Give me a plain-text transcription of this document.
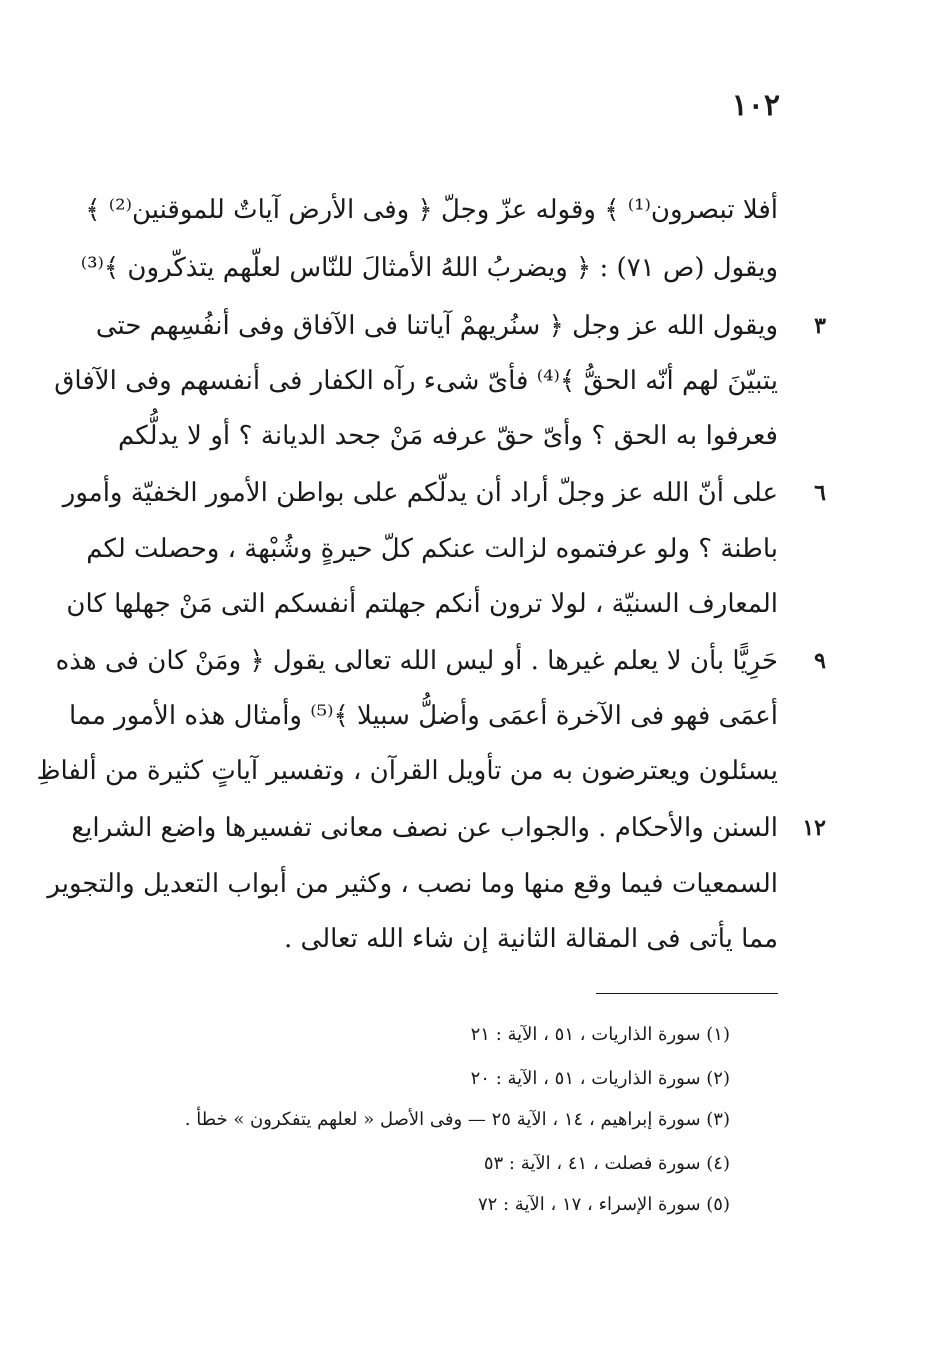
١٠٢
أفلا تبصرون⁽¹⁾ ﴾ وقوله عزّ وجلّ ﴿ وفى الأرض آياتٌ للموقنين⁽²⁾ ﴾
ويقول (ص ٧١) : ﴿ ويضربُ اللهُ الأمثالَ للنّاس لعلّهم يتذكّرون ﴾⁽³⁾
٣
ويقول الله عز وجل ﴿ سنُريهمْ آياتنا فى الآفاق وفى أنفُسِهم حتى
يتبيّنَ لهم أنّه الحقُّ ﴾⁽⁴⁾ فأىّ شىء رآه الكفار فى أنفسهم وفى الآفاق
فعرفوا به الحق ؟ وأىّ حقّ عرفه مَنْ جحد الديانة ؟ أو لا يدلُّكم
٦
على أنّ الله عز وجلّ أراد أن يدلّكم على بواطن الأمور الخفيّة وأمور
باطنة ؟ ولو عرفتموه لزالت عنكم كلّ حيرةٍ وشُبْهة ، وحصلت لكم
المعارف السنيّة ، لولا ترون أنكم جهلتم أنفسكم التى مَنْ جهلها كان
٩
حَرِيًّا بأن لا يعلم غيرها . أو ليس الله تعالى يقول ﴿ ومَنْ كان فى هذه
أعمَى فهو فى الآخرة أعمَى وأضلُّ سبيلا ﴾⁽⁵⁾ وأمثال هذه الأمور مما
يسئلون ويعترضون به من تأويل القرآن ، وتفسير آياتٍ كثيرة من ألفاظِ
١٢
السنن والأحكام . والجواب عن نصف معانى تفسيرها واضع الشرايع
السمعيات فيما وقع منها وما نصب ، وكثير من أبواب التعديل والتجوير
مما يأتى فى المقالة الثانية إن شاء الله تعالى .
(١) سورة الذاريات ، ٥١ ، الآية : ٢١
(٢) سورة الذاريات ، ٥١ ، الآية : ٢٠
(٣) سورة إبراهيم ، ١٤ ، الآية ٢٥ — وفى الأصل « لعلهم يتفكرون » خطأ .
(٤) سورة فصلت ، ٤١ ، الآية : ٥٣
(٥) سورة الإسراء ، ١٧ ، الآية : ٧٢
